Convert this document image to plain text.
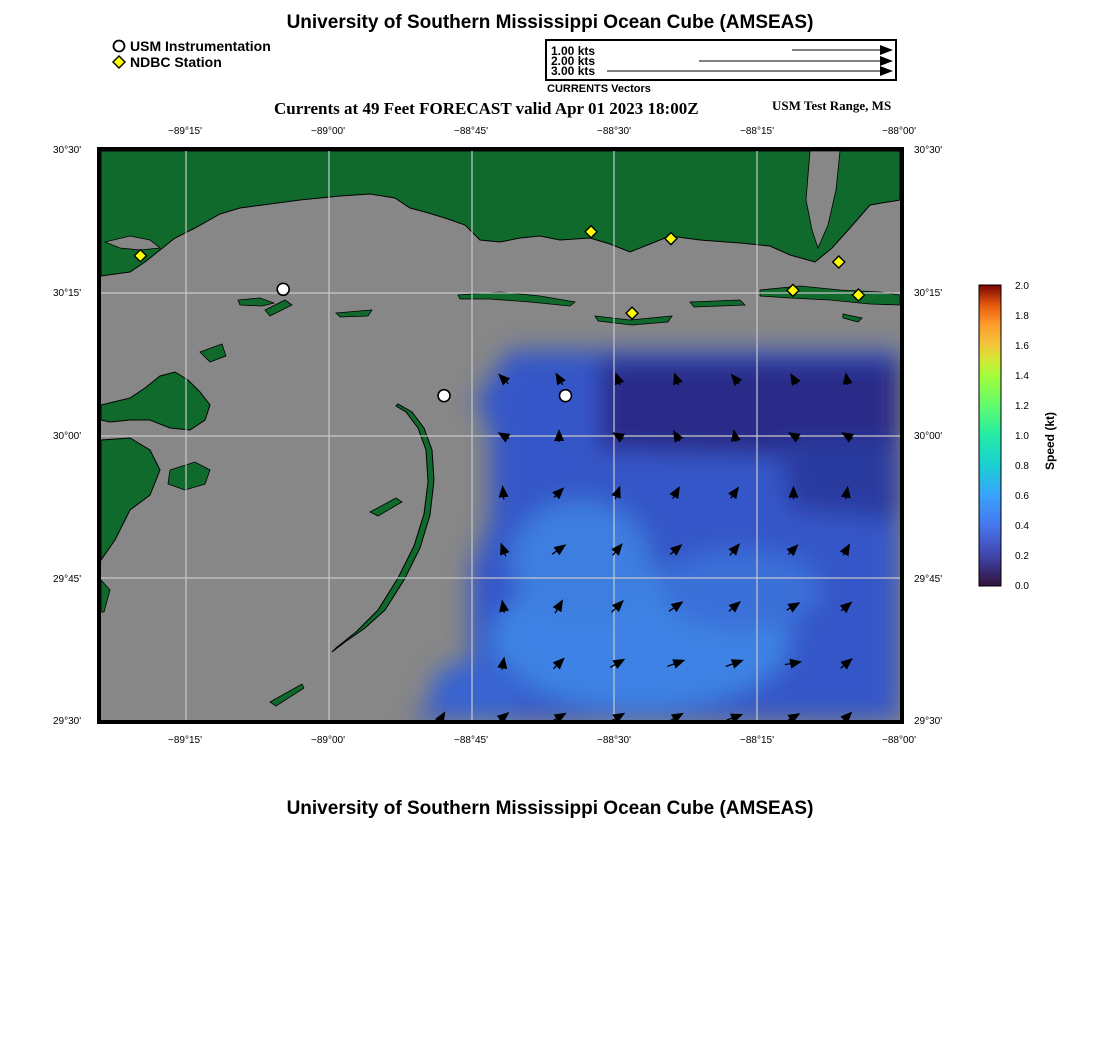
University of Southern Mississippi Ocean Cube (AMSEAS)
USM Instrumentation
NDBC Station
1.00 kts
2.00 kts
3.00 kts
CURRENTS Vectors
Currents at 49 Feet FORECAST valid Apr 01 2023 18:00Z	USM Test Range, MS
−89°15'	−89°00'	−88°45'	−88°30'	−88°15'	−88°00'
−89°15'	−89°00'	−88°45'	−88°30'	−88°15'	−88°00'
30°30'
30°15'
30°00'
29°45'
29°30'
30°30'
30°15'
30°00'
29°45'
29°30'
2.0
1.8
1.6
1.4
1.2
1.0
0.8
0.6
0.4
0.2
0.0
Speed (kt)
University of Southern Mississippi Ocean Cube (AMSEAS)
